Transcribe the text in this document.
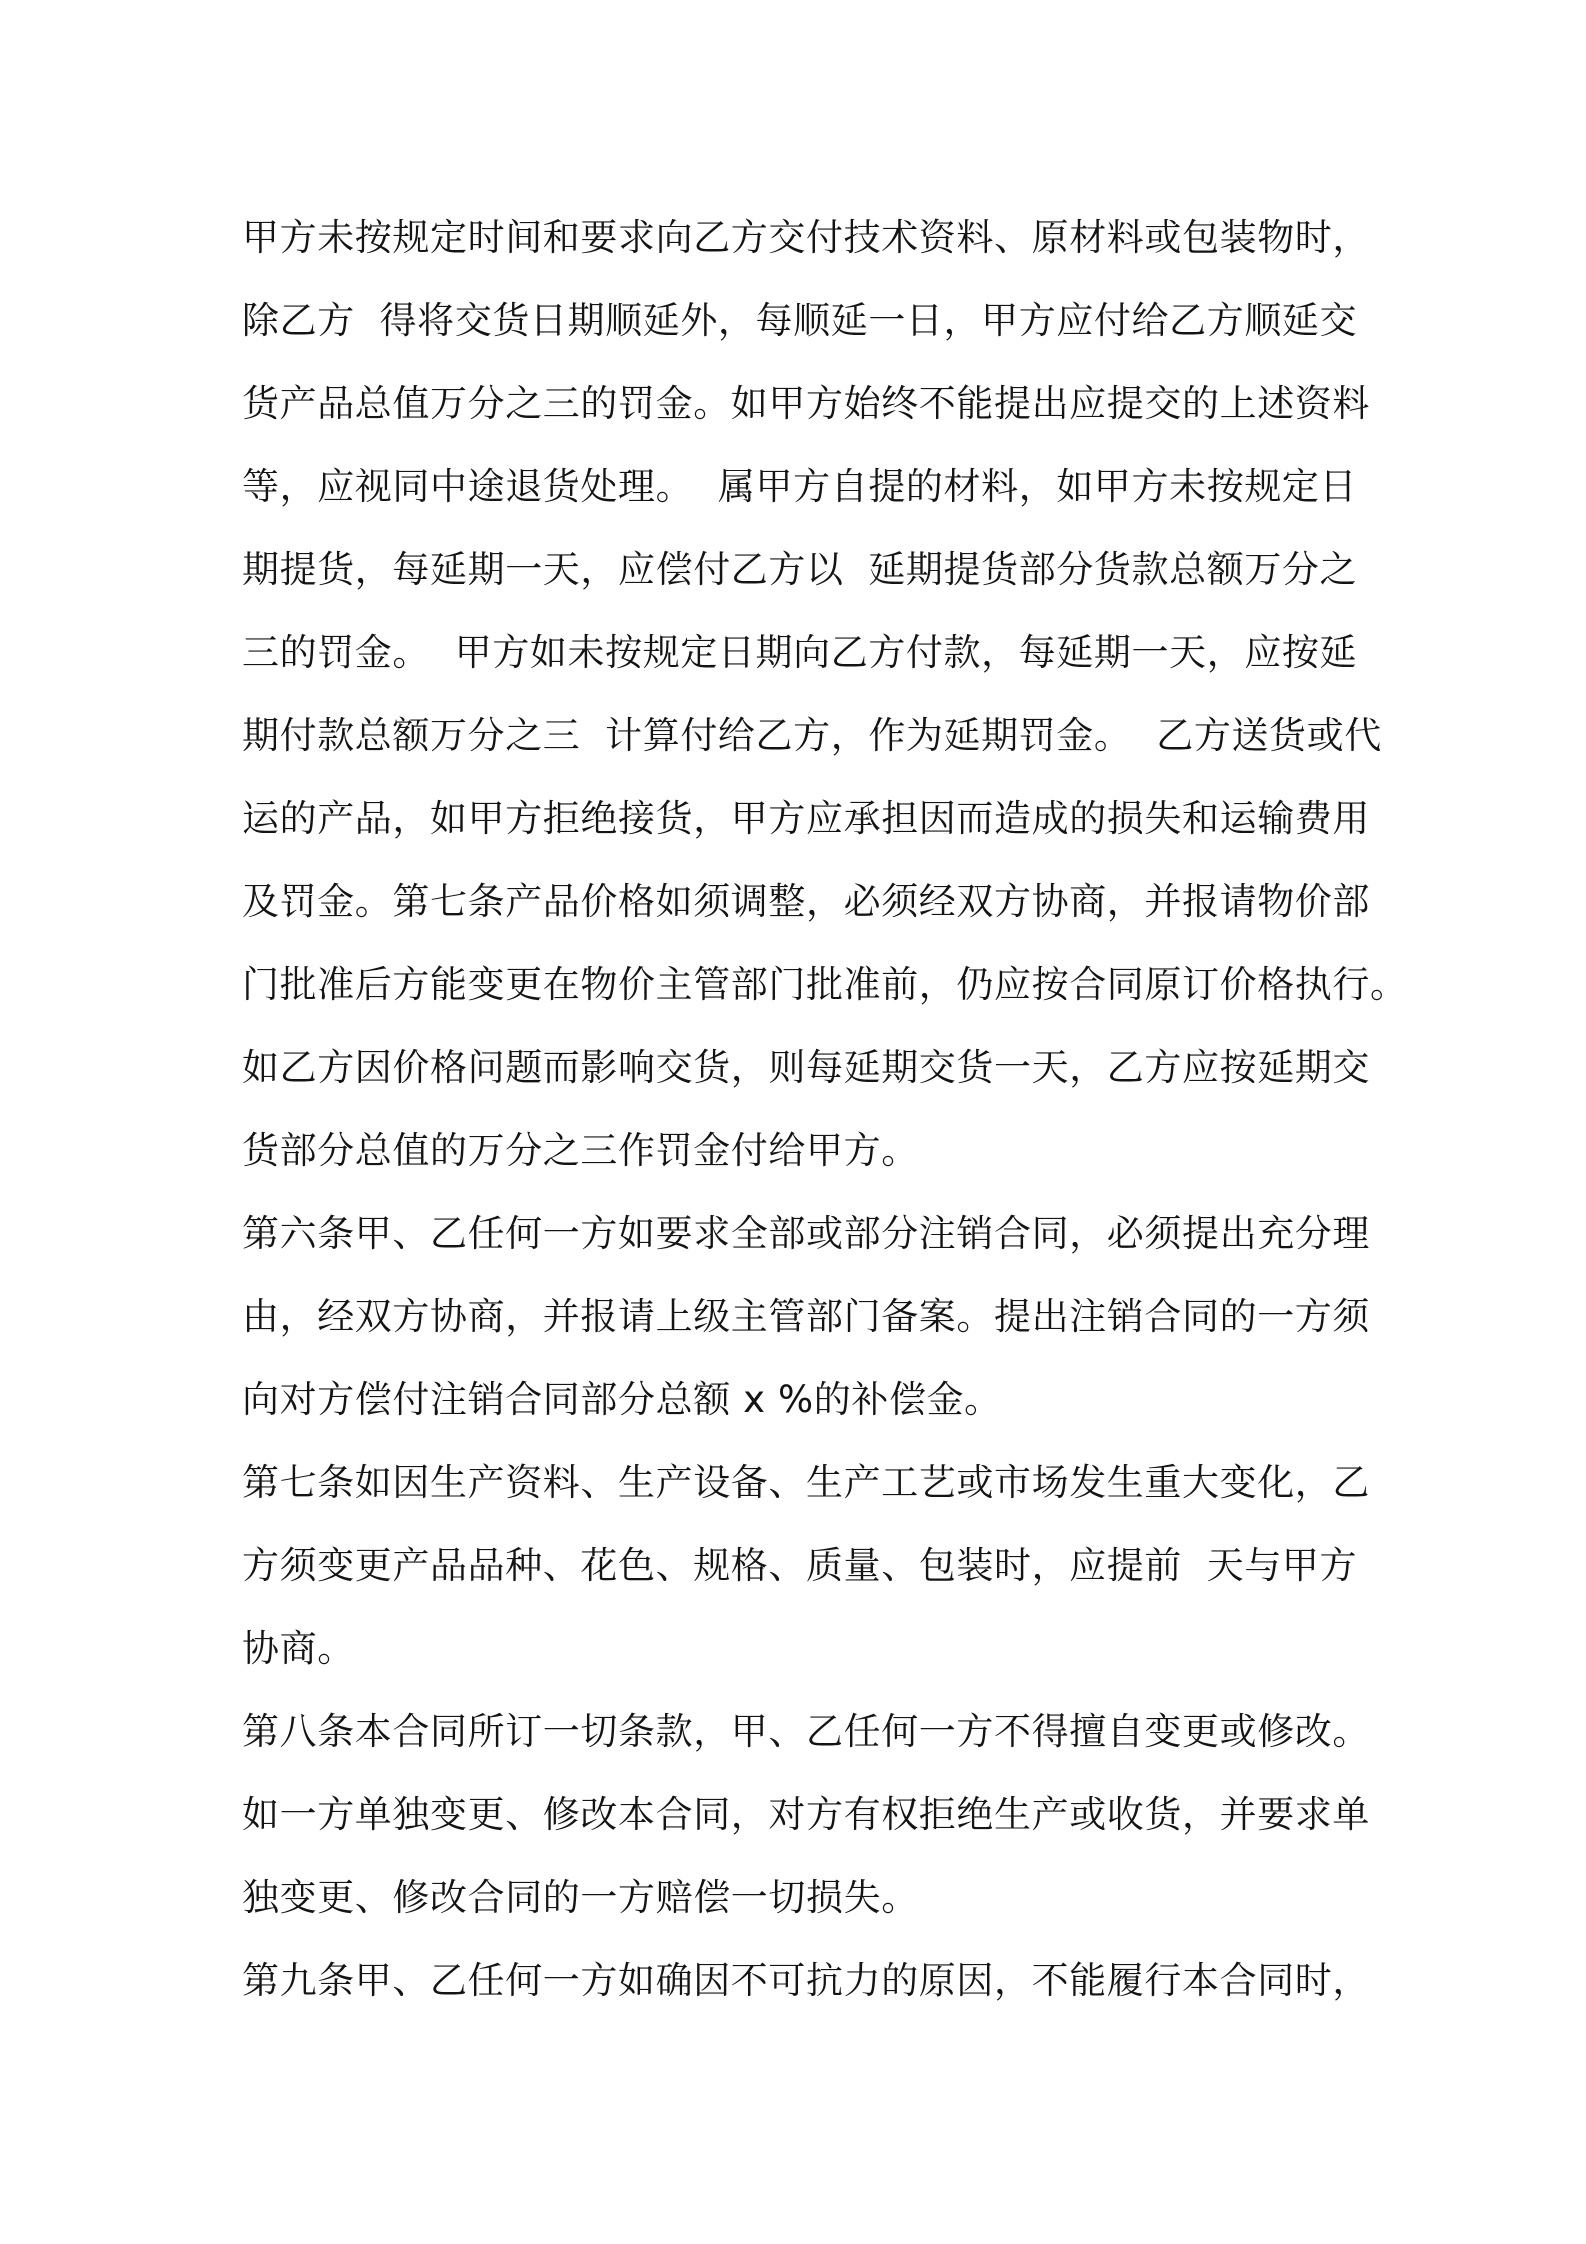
甲方未按规定时间和要求向乙方交付技术资料、原材料或包装物时，
除乙方  得将交货日期顺延外，每顺延一日，甲方应付给乙方顺延交
货产品总值万分之三的罚金。如甲方始终不能提出应提交的上述资料
等，应视同中途退货处理。  属甲方自提的材料，如甲方未按规定日
期提货，每延期一天，应偿付乙方以  延期提货部分货款总额万分之
三的罚金。  甲方如未按规定日期向乙方付款，每延期一天，应按延
期付款总额万分之三  计算付给乙方，作为延期罚金。  乙方送货或代
运的产品，如甲方拒绝接货，甲方应承担因而造成的损失和运输费用
及罚金。第七条产品价格如须调整，必须经双方协商，并报请物价部
门批准后方能变更在物价主管部门批准前，仍应按合同原订价格执行。
如乙方因价格问题而影响交货，则每延期交货一天，乙方应按延期交
货部分总值的万分之三作罚金付给甲方。
第六条甲、乙任何一方如要求全部或部分注销合同，必须提出充分理
由，经双方协商，并报请上级主管部门备案。提出注销合同的一方须
向对方偿付注销合同部分总额 x %的补偿金。
第七条如因生产资料、生产设备、生产工艺或市场发生重大变化，乙
方须变更产品品种、花色、规格、质量、包装时，应提前  天与甲方
协商。
第八条本合同所订一切条款，甲、乙任何一方不得擅自变更或修改。
如一方单独变更、修改本合同，对方有权拒绝生产或收货，并要求单
独变更、修改合同的一方赔偿一切损失。
第九条甲、乙任何一方如确因不可抗力的原因，不能履行本合同时，
